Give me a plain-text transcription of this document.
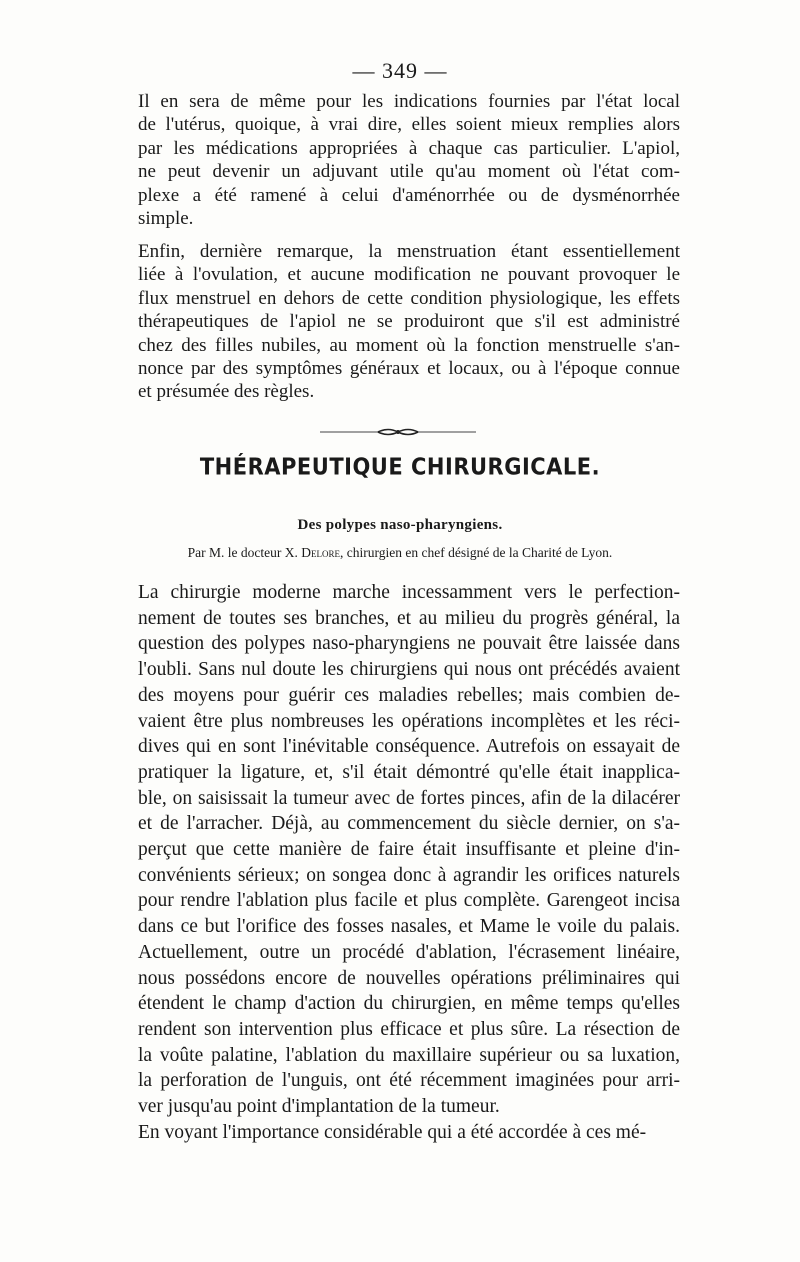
— 349 —
Il en sera de même pour les indications fournies par l'état local
de l'utérus, quoique, à vrai dire, elles soient mieux remplies alors
par les médications appropriées à chaque cas particulier. L'apiol,
ne peut devenir un adjuvant utile qu'au moment où l'état com-
plexe a été ramené à celui d'aménorrhée ou de dysménorrhée
simple.
Enfin, dernière remarque, la menstruation étant essentiellement
liée à l'ovulation, et aucune modification ne pouvant provoquer le
flux menstruel en dehors de cette condition physiologique, les effets
thérapeutiques de l'apiol ne se produiront que s'il est administré
chez des filles nubiles, au moment où la fonction menstruelle s'an-
nonce par des symptômes généraux et locaux, ou à l'époque connue
et présumée des règles.
THÉRAPEUTIQUE CHIRURGICALE.
Des polypes naso-pharyngiens.
Par M. le docteur X. Delore, chirurgien en chef désigné de la Charité de Lyon.
La chirurgie moderne marche incessamment vers le perfection-
nement de toutes ses branches, et au milieu du progrès général, la
question des polypes naso-pharyngiens ne pouvait être laissée dans
l'oubli. Sans nul doute les chirurgiens qui nous ont précédés avaient
des moyens pour guérir ces maladies rebelles; mais combien de-
vaient être plus nombreuses les opérations incomplètes et les réci-
dives qui en sont l'inévitable conséquence. Autrefois on essayait de
pratiquer la ligature, et, s'il était démontré qu'elle était inapplica-
ble, on saisissait la tumeur avec de fortes pinces, afin de la dilacérer
et de l'arracher. Déjà, au commencement du siècle dernier, on s'a-
perçut que cette manière de faire était insuffisante et pleine d'in-
convénients sérieux; on songea donc à agrandir les orifices naturels
pour rendre l'ablation plus facile et plus complète. Garengeot incisa
dans ce but l'orifice des fosses nasales, et Mame le voile du palais.
Actuellement, outre un procédé d'ablation, l'écrasement linéaire,
nous possédons encore de nouvelles opérations préliminaires qui
étendent le champ d'action du chirurgien, en même temps qu'elles
rendent son intervention plus efficace et plus sûre. La résection de
la voûte palatine, l'ablation du maxillaire supérieur ou sa luxation,
la perforation de l'unguis, ont été récemment imaginées pour arri-
ver jusqu'au point d'implantation de la tumeur.
En voyant l'importance considérable qui a été accordée à ces mé-
